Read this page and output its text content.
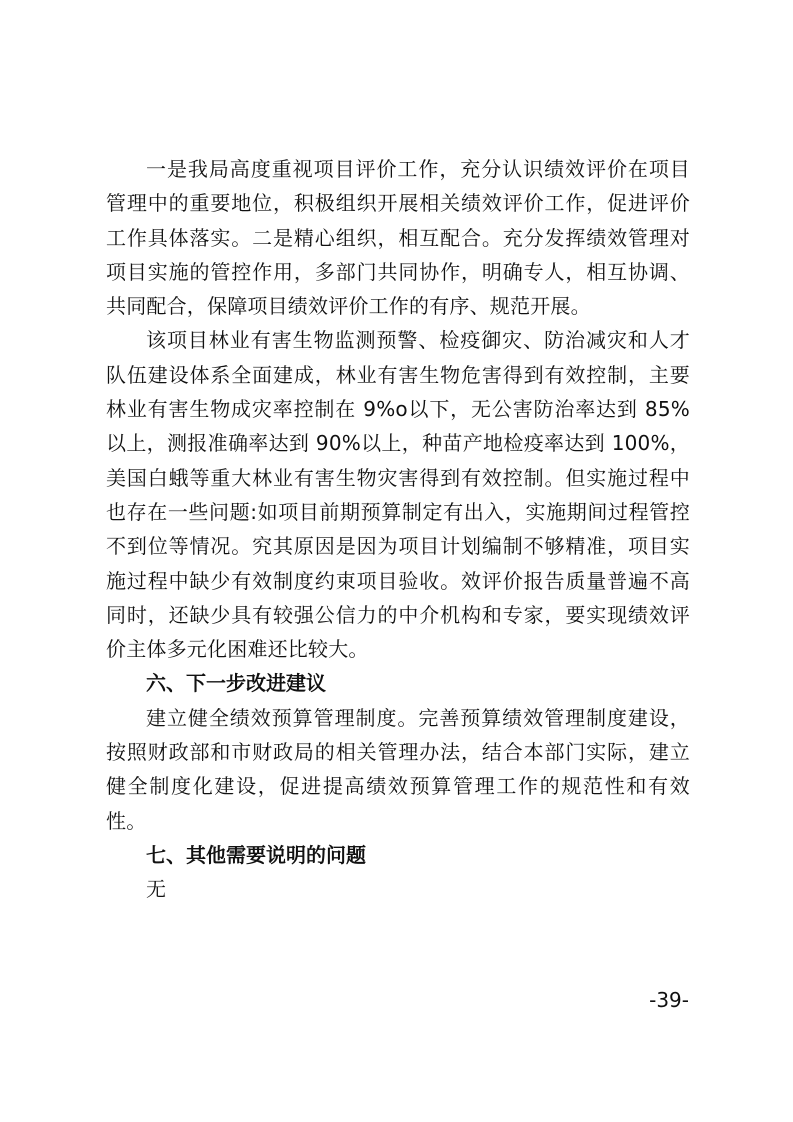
一是我局高度重视项目评价工作，充分认识绩效评价在项目管理中的重要地位，积极组织开展相关绩效评价工作，促进评价工作具体落实。二是精心组织，相互配合。充分发挥绩效管理对项目实施的管控作用，多部门共同协作，明确专人，相互协调、共同配合，保障项目绩效评价工作的有序、规范开展。

该项目林业有害生物监测预警、检疫御灾、防治减灾和人才队伍建设体系全面建成，林业有害生物危害得到有效控制，主要林业有害生物成灾率控制在 9%o以下，无公害防治率达到 85%以上，测报准确率达到 90%以上，种苗产地检疫率达到 100%，美国白蛾等重大林业有害生物灾害得到有效控制。但实施过程中也存在一些问题:如项目前期预算制定有出入，实施期间过程管控不到位等情况。究其原因是因为项目计划编制不够精准，项目实施过程中缺少有效制度约束项目验收。效评价报告质量普遍不高同时，还缺少具有较强公信力的中介机构和专家，要实现绩效评价主体多元化困难还比较大。

六、下一步改进建议

建立健全绩效预算管理制度。完善预算绩效管理制度建设，按照财政部和市财政局的相关管理办法，结合本部门实际，建立健全制度化建设，促进提高绩效预算管理工作的规范性和有效性。

七、其他需要说明的问题

无

-39-
